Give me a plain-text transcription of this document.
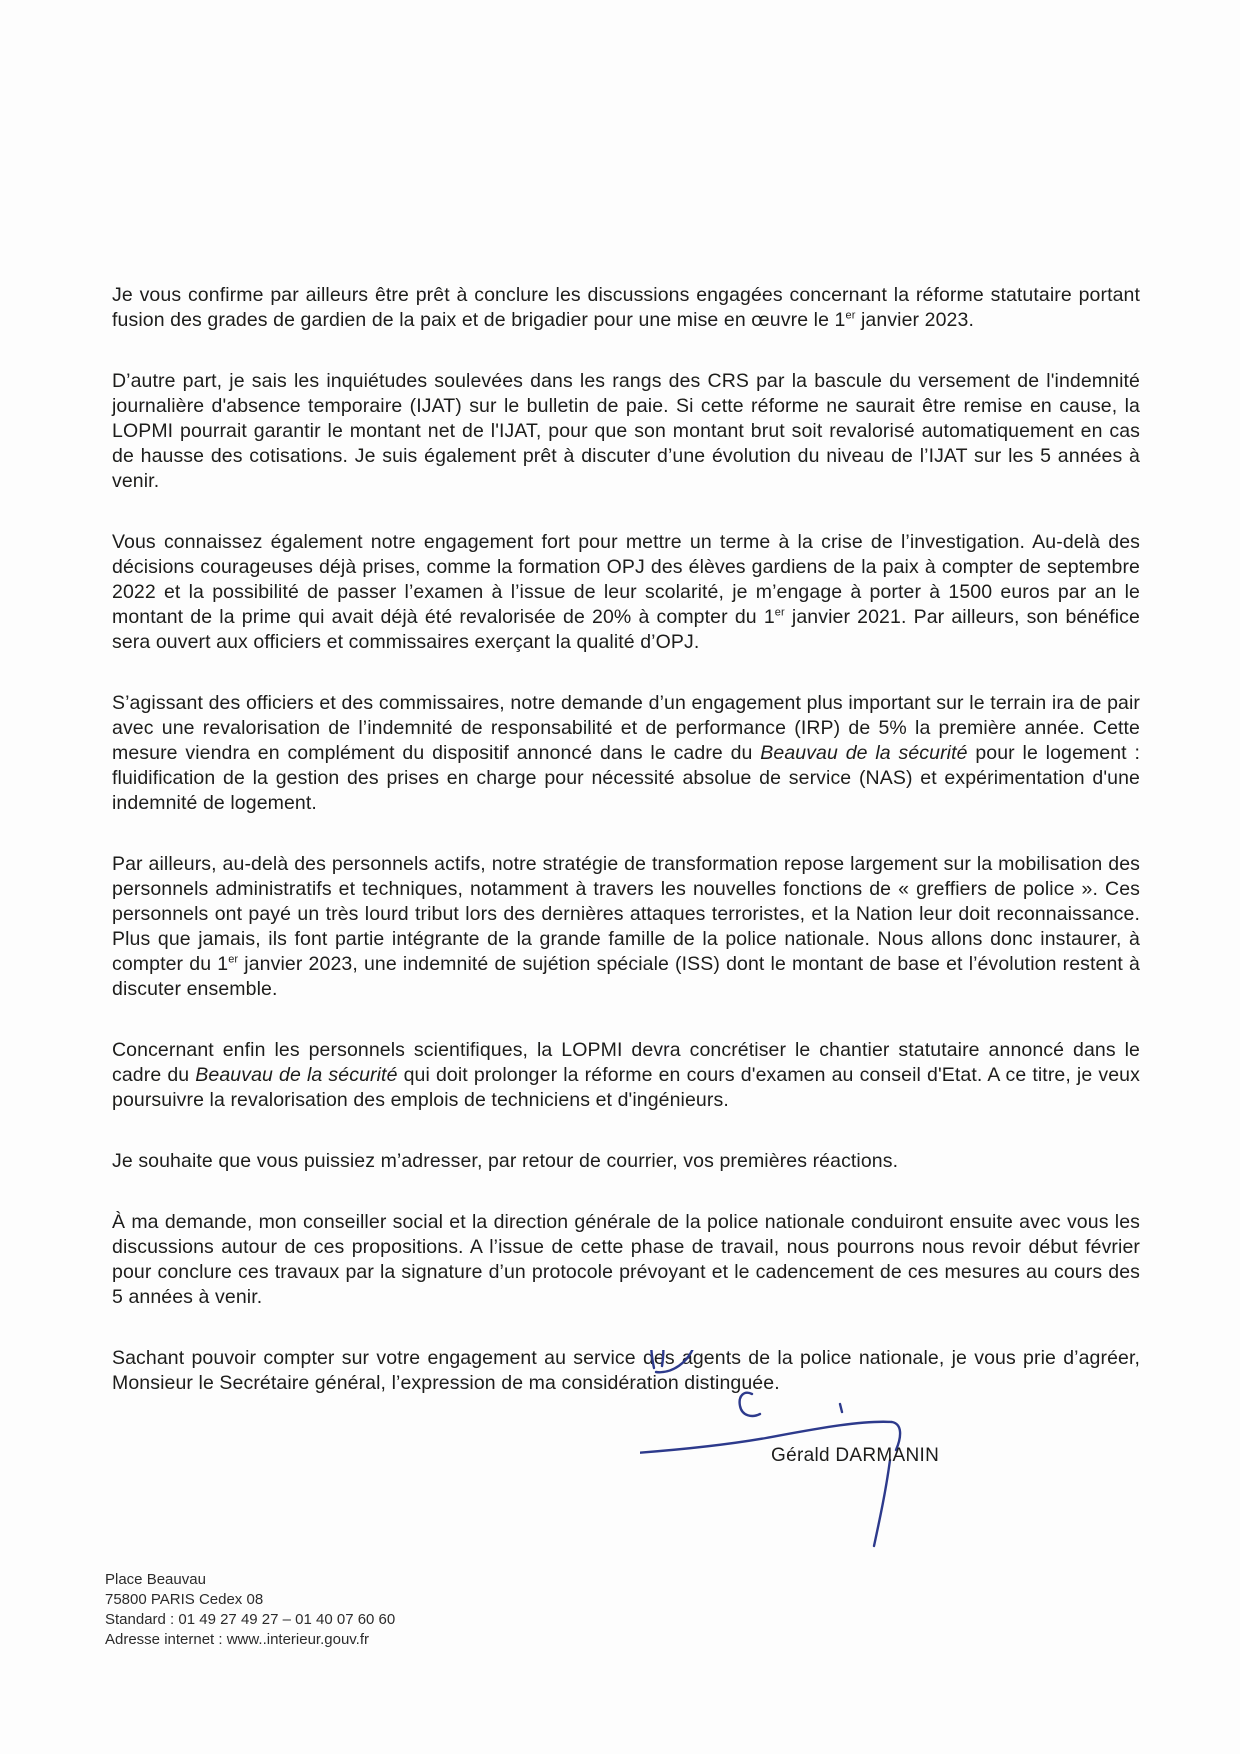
Je vous confirme par ailleurs être prêt à conclure les discussions engagées concernant la réforme statutaire portant fusion des grades de gardien de la paix et de brigadier pour une mise en œuvre le 1er janvier 2023.

D’autre part, je sais les inquiétudes soulevées dans les rangs des CRS par la bascule du versement de l'indemnité journalière d'absence temporaire (IJAT) sur le bulletin de paie. Si cette réforme ne saurait être remise en cause, la LOPMI pourrait garantir le montant net de l'IJAT, pour que son montant brut soit revalorisé automatiquement en cas de hausse des cotisations. Je suis également prêt à discuter d’une évolution du niveau de l’IJAT sur les 5 années à venir.

Vous connaissez également notre engagement fort pour mettre un terme à la crise de l’investigation. Au-delà des décisions courageuses déjà prises, comme la formation OPJ des élèves gardiens de la paix à compter de septembre 2022 et la possibilité de passer l’examen à l’issue de leur scolarité, je m’engage à porter à 1500 euros par an le montant de la prime qui avait déjà été revalorisée de 20% à compter du 1er janvier 2021. Par ailleurs, son bénéfice sera ouvert aux officiers et commissaires exerçant la qualité d’OPJ.

S’agissant des officiers et des commissaires, notre demande d’un engagement plus important sur le terrain ira de pair avec une revalorisation de l’indemnité de responsabilité et de performance (IRP) de 5% la première année. Cette mesure viendra en complément du dispositif annoncé dans le cadre du Beauvau de la sécurité pour le logement : fluidification de la gestion des prises en charge pour nécessité absolue de service (NAS) et expérimentation d'une indemnité de logement.

Par ailleurs, au-delà des personnels actifs, notre stratégie de transformation repose largement sur la mobilisation des personnels administratifs et techniques, notamment à travers les nouvelles fonctions de « greffiers de police ». Ces personnels ont payé un très lourd tribut lors des dernières attaques terroristes, et la Nation leur doit reconnaissance. Plus que jamais, ils font partie intégrante de la grande famille de la police nationale. Nous allons donc instaurer, à compter du 1er janvier 2023, une indemnité de sujétion spéciale (ISS) dont le montant de base et l’évolution restent à discuter ensemble.

Concernant enfin les personnels scientifiques, la LOPMI devra concrétiser le chantier statutaire annoncé dans le cadre du Beauvau de la sécurité qui doit prolonger la réforme en cours d'examen au conseil d'Etat. A ce titre, je veux poursuivre la revalorisation des emplois de techniciens et d'ingénieurs.

Je souhaite que vous puissiez m’adresser, par retour de courrier, vos premières réactions.

À ma demande, mon conseiller social et la direction générale de la police nationale conduiront ensuite avec vous les discussions autour de ces propositions. A l’issue de cette phase de travail, nous pourrons nous revoir début février pour conclure ces travaux par la signature d’un protocole prévoyant et le cadencement de ces mesures au cours des 5 années à venir.

Sachant pouvoir compter sur votre engagement au service des agents de la police nationale, je vous prie d’agréer, Monsieur le Secrétaire général, l’expression de ma considération distinguée.

Gérald DARMANIN
Place Beauvau
75800 PARIS Cedex 08
Standard : 01 49 27 49 27 – 01 40 07 60 60
Adresse internet : www..interieur.gouv.fr
